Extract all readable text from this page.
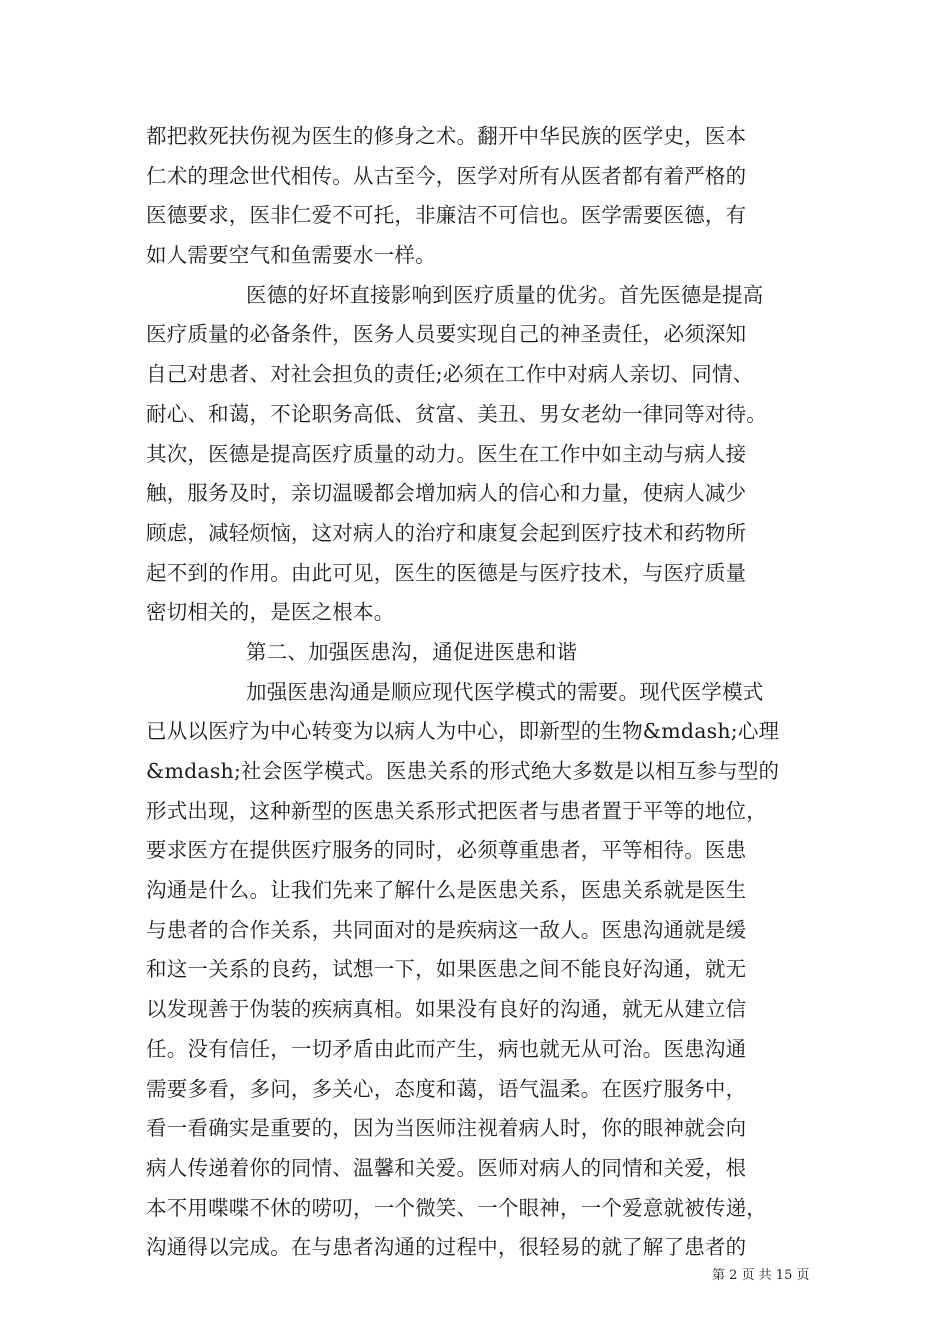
都把救死扶伤视为医生的修身之术。翻开中华民族的医学史，医本
仁术的理念世代相传。从古至今，医学对所有从医者都有着严格的
医德要求，医非仁爱不可托，非廉洁不可信也。医学需要医德，有
如人需要空气和鱼需要水一样。
医德的好坏直接影响到医疗质量的优劣。首先医德是提高
医疗质量的必备条件，医务人员要实现自己的神圣责任，必须深知
自己对患者、对社会担负的责任;必须在工作中对病人亲切、同情、
耐心、和蔼，不论职务高低、贫富、美丑、男女老幼一律同等对待。
其次，医德是提高医疗质量的动力。医生在工作中如主动与病人接
触，服务及时，亲切温暖都会增加病人的信心和力量，使病人减少
顾虑，减轻烦恼，这对病人的治疗和康复会起到医疗技术和药物所
起不到的作用。由此可见，医生的医德是与医疗技术，与医疗质量
密切相关的，是医之根本。
第二、加强医患沟，通促进医患和谐
加强医患沟通是顺应现代医学模式的需要。现代医学模式
已从以医疗为中心转变为以病人为中心，即新型的生物&mdash;心理
&mdash;社会医学模式。医患关系的形式绝大多数是以相互参与型的
形式出现，这种新型的医患关系形式把医者与患者置于平等的地位，
要求医方在提供医疗服务的同时，必须尊重患者，平等相待。医患
沟通是什么。让我们先来了解什么是医患关系，医患关系就是医生
与患者的合作关系，共同面对的是疾病这一敌人。医患沟通就是缓
和这一关系的良药，试想一下，如果医患之间不能良好沟通，就无
以发现善于伪装的疾病真相。如果没有良好的沟通，就无从建立信
任。没有信任，一切矛盾由此而产生，病也就无从可治。医患沟通
需要多看，多问，多关心，态度和蔼，语气温柔。在医疗服务中，
看一看确实是重要的，因为当医师注视着病人时，你的眼神就会向
病人传递着你的同情、温馨和关爱。医师对病人的同情和关爱，根
本不用喋喋不休的唠叨，一个微笑、一个眼神，一个爱意就被传递，
沟通得以完成。在与患者沟通的过程中，很轻易的就了解了患者的
第 2 页 共 15 页
